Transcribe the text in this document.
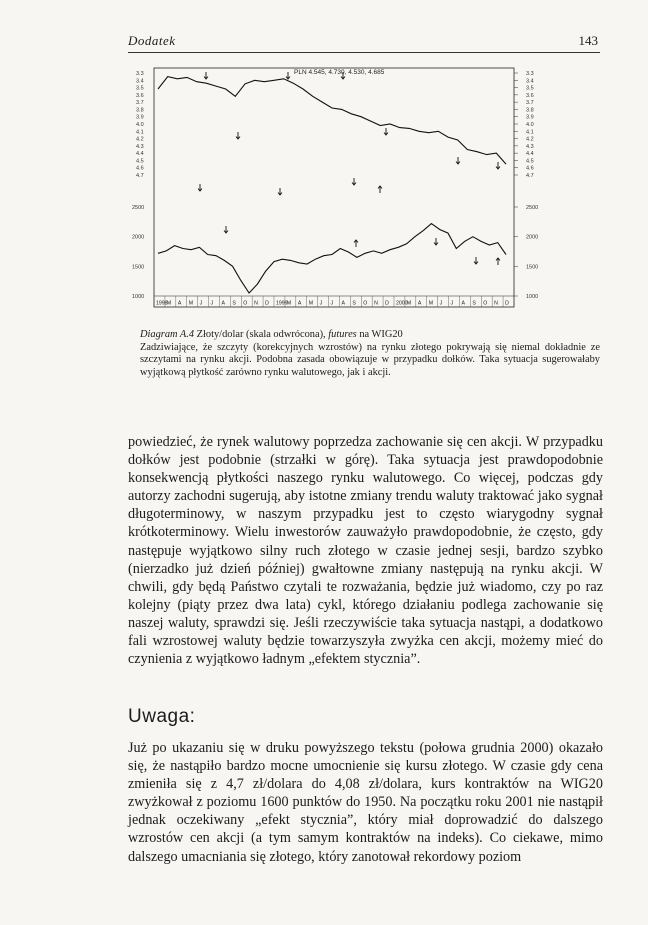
Dodatek	143
3.3	3.3
3.4	3.4
3.5	3.5
3.6	3.6
3.7	3.7
3.8	3.8
3.9	3.9
4.0	4.0
4.1	4.1
4.2	4.2
4.3	4.3
4.4	4.4
4.5	4.5
4.6	4.6
4.7	4.7
1000	1000
1500	1500
2000	2000
2500	2500
1998 M A M J J A S O N D 1999 M A M J J A S O N D 2000 M A M J J A S O N D
PLN 4.545, 4.730, 4.530, 4.685
Diagram A.4 Złoty/dolar (skala odwrócona), futures na WIG20
Zadziwiające, że szczyty (korekcyjnych wzrostów) na rynku złotego pokrywają się niemal dokładnie ze szczytami na rynku akcji. Podobna zasada obowiązuje w przypadku dołków. Taka sytuacja sugerowałaby wyjątkową płytkość zarówno rynku walutowego, jak i akcji.

powiedzieć, że rynek walutowy poprzedza zachowanie się cen akcji. W przypadku dołków jest podobnie (strzałki w górę). Taka sytuacja jest prawdopodobnie konsekwencją płytkości naszego rynku walutowego. Co więcej, podczas gdy autorzy zachodni sugerują, aby istotne zmiany trendu waluty traktować jako sygnał długoterminowy, w naszym przypadku jest to często wiarygodny sygnał krótkoterminowy. Wielu inwestorów zauważyło prawdopodobnie, że często, gdy następuje wyjątkowo silny ruch złotego w czasie jednej sesji, bardzo szybko (nierzadko już dzień później) gwałtowne zmiany następują na rynku akcji. W chwili, gdy będą Państwo czytali te rozważania, będzie już wiadomo, czy po raz kolejny (piąty przez dwa lata) cykl, którego działaniu podlega zachowanie się naszej waluty, sprawdzi się. Jeśli rzeczywiście taka sytuacja nastąpi, a dodatkowo fali wzrostowej waluty będzie towarzyszyła zwyżka cen akcji, możemy mieć do czynienia z wyjątkowo ładnym „efektem stycznia”.

Uwaga:

Już po ukazaniu się w druku powyższego tekstu (połowa grudnia 2000) okazało się, że nastąpiło bardzo mocne umocnienie się kursu złotego. W czasie gdy cena zmieniła się z 4,7 zł/dolara do 4,08 zł/dolara, kurs kontraktów na WIG20 zwyżkował z poziomu 1600 punktów do 1950. Na początku roku 2001 nie nastąpił jednak oczekiwany „efekt stycznia”, który miał doprowadzić do dalszego wzrostów cen akcji (a tym samym kontraktów na indeks). Co ciekawe, mimo dalszego umacniania się złotego, który zanotował rekordowy poziom
